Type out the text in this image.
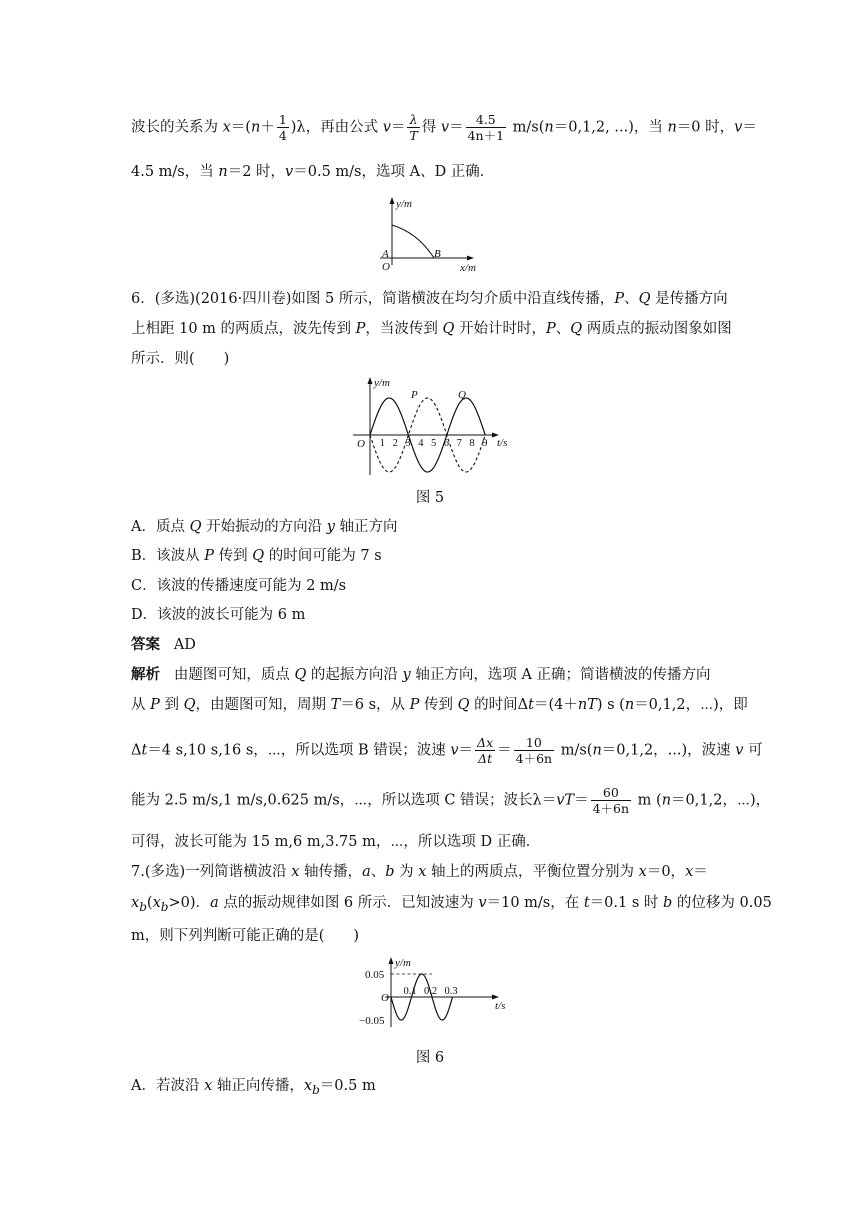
波长的关系为 $x=(n+ \frac{1}{4} )\lambda$，再由公式 $v= \frac{\lambda}{T}$ 得 $v= \frac{4.5}{4n+1} m/s(n=0,1,2$, ...)，当 n＝0 时，v＝
4.5 m/s，当 n＝2 时，v＝0.5 m/s，选项 A、D 正确．
y/m
x/m
A	B
O
6．(多选)(2016·四川卷)如图 5 所示，简谐横波在均匀介质中沿直线传播，P、Q 是传播方向
上相距 10 m 的两质点，波先传到 P，当波传到 Q 开始计时时，P、Q 两质点的振动图象如图
所示．则(　　)
1 2 3 4 5 6 7 8 9
y/m
t/s
O
P	Q
图 5
A．质点 Q 开始振动的方向沿 y 轴正方向
B．该波从 P 传到 Q 的时间可能为 7 s
C．该波的传播速度可能为 2 m/s
D．该波的波长可能为 6 m
答案 AD
解析 由题图可知，质点 Q 的起振方向沿 y 轴正方向，选项 A 正确；简谐横波的传播方向
从 P 到 Q，由题图可知，周期 T＝6 s，从 P 传到 Q 的时间Δt＝(4＋nT) s (n＝0,1,2，⋯)，即
Δt＝4 s,10 s,16 s，⋯，所以选项 B 错误；波速 $v= \frac{\Delta x}{\Delta t} = \frac{10}{4+6n} m/s(n=0,1,2$，...)，波速 v 可
能为 2.5 m/s,1 m/s,0.625 m/s，⋯，所以选项 C 错误；波长$\lambda=vT= \frac{60}{4+6n}$ m (n＝0,1,2，⋯)，
可得，波长可能为 15 m,6 m,3.75 m，⋯，所以选项 D 正确．
7.(多选)一列简谐横波沿 x 轴传播，a、b 为 x 轴上的两质点，平衡位置分别为 x＝0，x＝
$x_b(x_b>0)$．a 点的振动规律如图 6 所示．已知波速为 v＝10 m/s，在 t＝0.1 s 时 b 的位移为 0.05
m，则下列判断可能正确的是(　　)
0.1 0.2 0.3
y/m
t/s
O
0.05
−0.05
图 6
A．若波沿 x 轴正向传播，$x_b=0.5$ m
